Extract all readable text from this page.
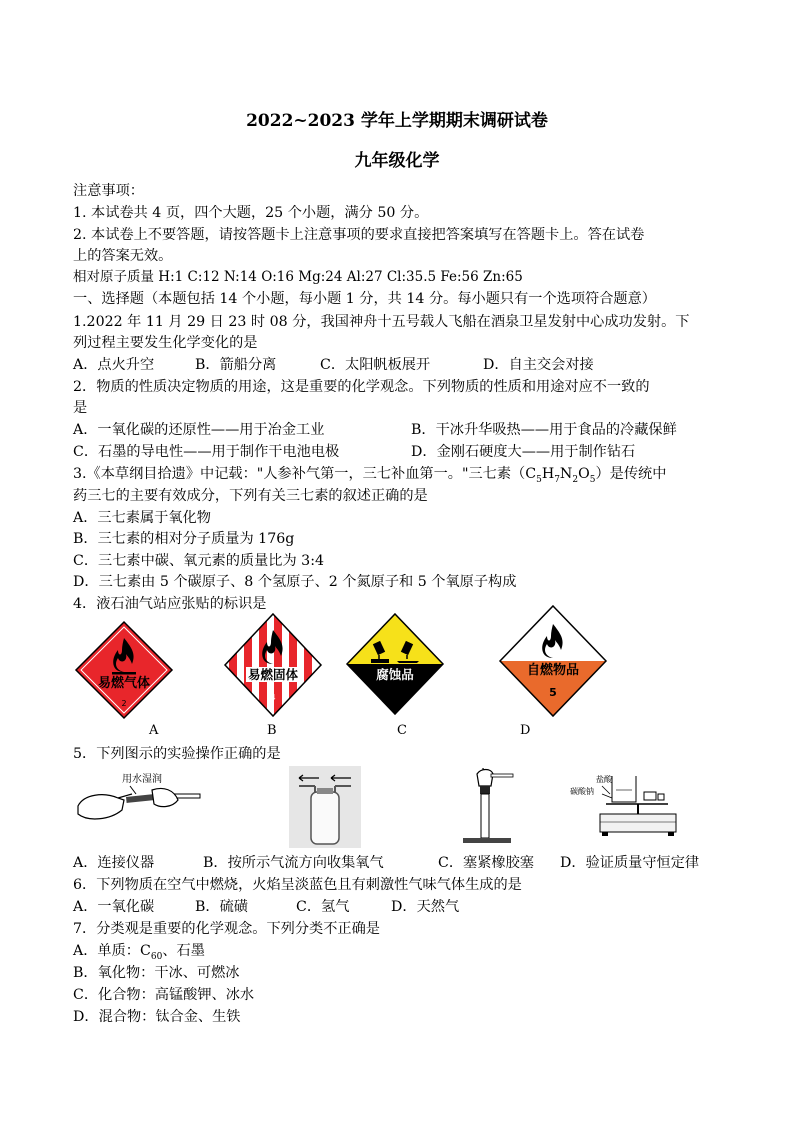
2022~2023 学年上学期期末调研试卷
九年级化学
注意事项：
1. 本试卷共 4 页，四个大题，25 个小题，满分 50 分。
2. 本试卷上不要答题，请按答题卡上注意事项的要求直接把答案填写在答题卡上。答在试卷
上的答案无效。
相对原子质量 H:1 C:12 N:14 O:16 Mg:24 Al:27 Cl:35.5 Fe:56 Zn:65
一、选择题（本题包括 14 个小题，每小题 1 分，共 14 分。每小题只有一个选项符合题意）
1.2022 年 11 月 29 日 23 时 08 分，我国神舟十五号载人飞船在酒泉卫星发射中心成功发射。下
列过程主要发生化学变化的是
A．点火升空	B．箭船分离	C．太阳帆板展开	D．自主交会对接
2．物质的性质决定物质的用途，这是重要的化学观念。下列物质的性质和用途对应不一致的
是
A．一氧化碳的还原性——用于冶金工业	B．干冰升华吸热——用于食品的冷藏保鲜
C．石墨的导电性——用于制作干电池电极	D．金刚石硬度大——用于制作钻石
3.《本草纲目拾遗》中记载："人参补气第一，三七补血第一。"三七素$(C_5H_7N_2O_5)$是传统中
药三七的主要有效成分，下列有关三七素的叙述正确的是
A．三七素属于氧化物
B．三七素的相对分子质量为 176g
C．三七素中碳、氧元素的质量比为 3:4
D．三七素由 5 个碳原子、8 个氢原子、2 个氮原子和 5 个氧原子构成
4．液石油气站应张贴的标识是
易燃气体
2
A
易燃固体
4
B
腐蚀品
C
自燃物品
5
D
5．下列图示的实验操作正确的是
用水湿润	盐酸
碳酸钠
A．连接仪器	B．按所示气流方向收集氧气	C．塞紧橡胶塞 D．验证质量守恒定律
6．下列物质在空气中燃烧，火焰呈淡蓝色且有刺激性气味气体生成的是
A．一氧化碳	B．硫磺	C．氢气	D．天然气
7．分类观是重要的化学观念。下列分类不正确是
A．单质：$C_{60}$、石墨
B．氧化物：干冰、可燃冰
C．化合物：高锰酸钾、冰水
D．混合物：钛合金、生铁
